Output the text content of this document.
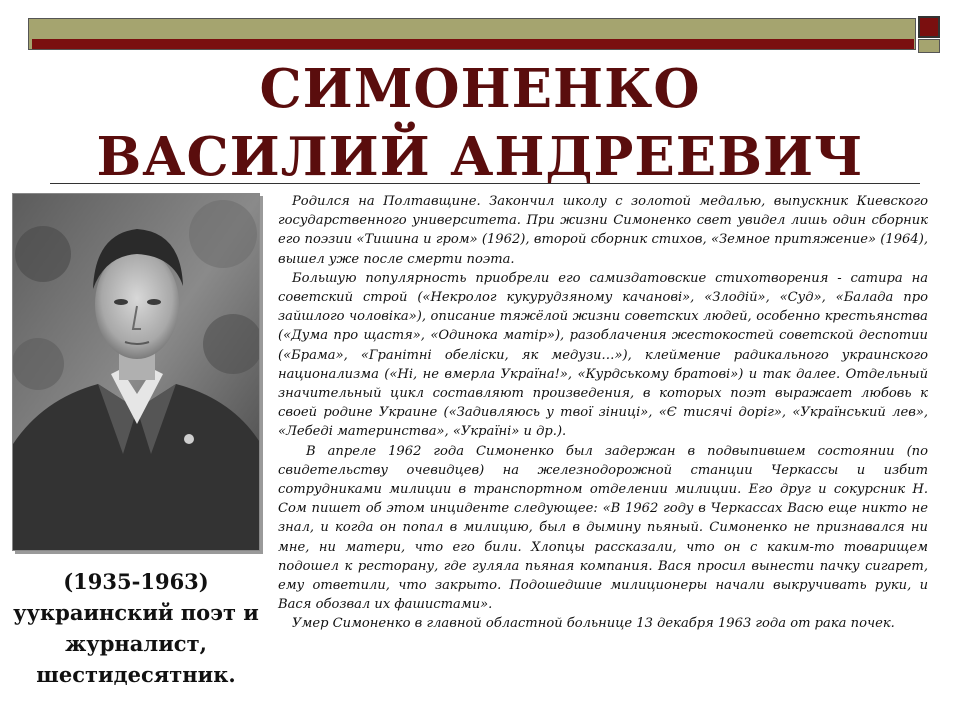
СИМОНЕНКО
ВАСИЛИЙ АНДРЕЕВИЧ
(1935-1963)
уукраинский поэт и
журналист,
шестидесятник.

Родился на Полтавщине. Закончил школу с золотой медалью, выпускник Киевского государственного университета. При жизни Симоненко свет увидел лишь один сборник его поэзии «Тишина и гром» (1962), второй сборник стихов, «Земное притяжение» (1964), вышел уже после смерти поэта.

Большую популярность приобрели его самиздатовские стихотворения - сатира на советский строй («Некролог кукурудзяному качанові», «Злодій», «Суд», «Балада про зайшлого чоловіка»), описание тяжёлой жизни советских людей, особенно крестьянства («Дума про щастя», «Одинока матір»), разоблачения жестокостей советской деспотии («Брама», «Гранітні обеліски, як медузи…»), клеймение радикального украинского национализма («Ні, не вмерла Україна!», «Курдському братові») и так далее. Отдельный значительный цикл составляют произведения, в которых поэт выражает любовь к своей родине Украине («Задивляюсь у твої зіниці», «Є тисячі доріг», «Український лев», «Лебеді материнства», «Україні» и др.).

В апреле 1962 года Симоненко был задержан в подвыпившем состоянии (по свидетельству очевидцев) на железнодорожной станции Черкассы и избит сотрудниками милиции в транспортном отделении милиции. Его друг и сокурсник Н. Сом пишет об этом инциденте следующее: «В 1962 году в Черкассах Васю еще никто не знал, и когда он попал в милицию, был в дымину пьяный. Симоненко не признавался ни мне, ни матери, что его били. Хлопцы рассказали, что он с каким-то товарищем подошел к ресторану, где гуляла пьяная компания. Вася просил вынести пачку сигарет, ему ответили, что закрыто. Подошедшие милиционеры начали выкручивать руки, и Вася обозвал их фашистами».

Умер Симоненко в главной областной больнице 13 декабря 1963 года от рака почек.
